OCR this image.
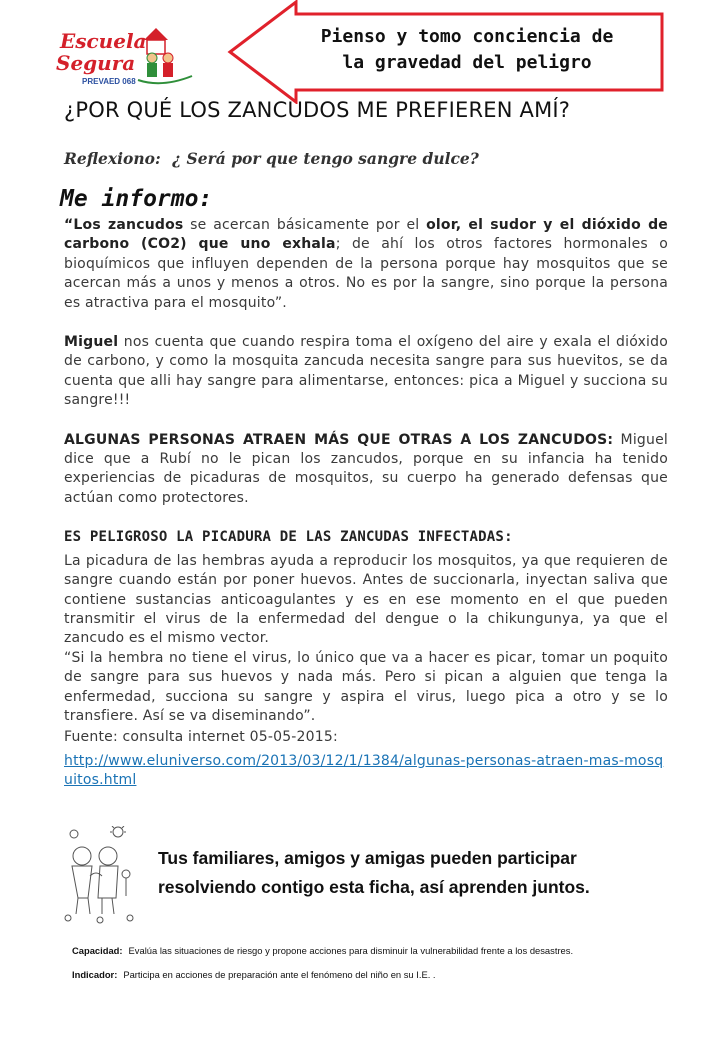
Escuela
Segura
PREVAED 068
Pienso y tomo conciencia de
la gravedad del peligro
¿POR QUÉ LOS ZANCUDOS ME PREFIEREN AMÍ?
Reflexiono: ¿ Será por que tengo sangre dulce?
Me informo:

“Los zancudos se acercan básicamente por el olor, el sudor y el dióxido de carbono (CO2) que uno exhala; de ahí los otros factores hormonales o bioquímicos que influyen dependen de la persona porque hay mosquitos que se acercan más a unos y menos a otros. No es por la sangre, sino porque la persona es atractiva para el mosquito”.

Miguel nos cuenta que cuando respira toma el oxígeno del aire y exala el dióxido de carbono, y como la mosquita zancuda necesita sangre para sus huevitos, se da cuenta que alli hay sangre para alimentarse, entonces: pica a Miguel y succiona su sangre!!!

ALGUNAS PERSONAS ATRAEN MÁS QUE OTRAS A LOS ZANCUDOS: Miguel dice que a Rubí no le pican los zancudos, porque en su infancia ha tenido experiencias de picaduras de mosquitos, su cuerpo ha generado defensas que actúan como protectores.

ES PELIGROSO LA PICADURA DE LAS ZANCUDAS INFECTADAS:

La picadura de las hembras ayuda a reproducir los mosquitos, ya que requieren de sangre cuando están por poner huevos. Antes de succionarla, inyectan saliva que contiene sustancias anticoagulantes y es en ese momento en el que pueden transmitir el virus de la enfermedad del dengue o la chikungunya, ya que el zancudo es el mismo vector.

“Si la hembra no tiene el virus, lo único que va a hacer es picar, tomar un poquito de sangre para sus huevos y nada más. Pero si pican a alguien que tenga la enfermedad, succiona su sangre y aspira el virus, luego pica a otro y se lo transfiere. Así se va diseminando”.

Fuente: consulta internet 05-05-2015:

http://www.eluniverso.com/2013/03/12/1/1384/algunas-personas-atraen-mas-mosquitos.html

Tus familiares, amigos y amigas pueden participar
resolviendo contigo esta ficha, así aprenden juntos.
Capacidad: Evalúa las situaciones de riesgo y propone acciones para disminuir la vulnerabilidad frente a los desastres.
Indicador: Participa en acciones de preparación ante el fenómeno del niño en su I.E. .
